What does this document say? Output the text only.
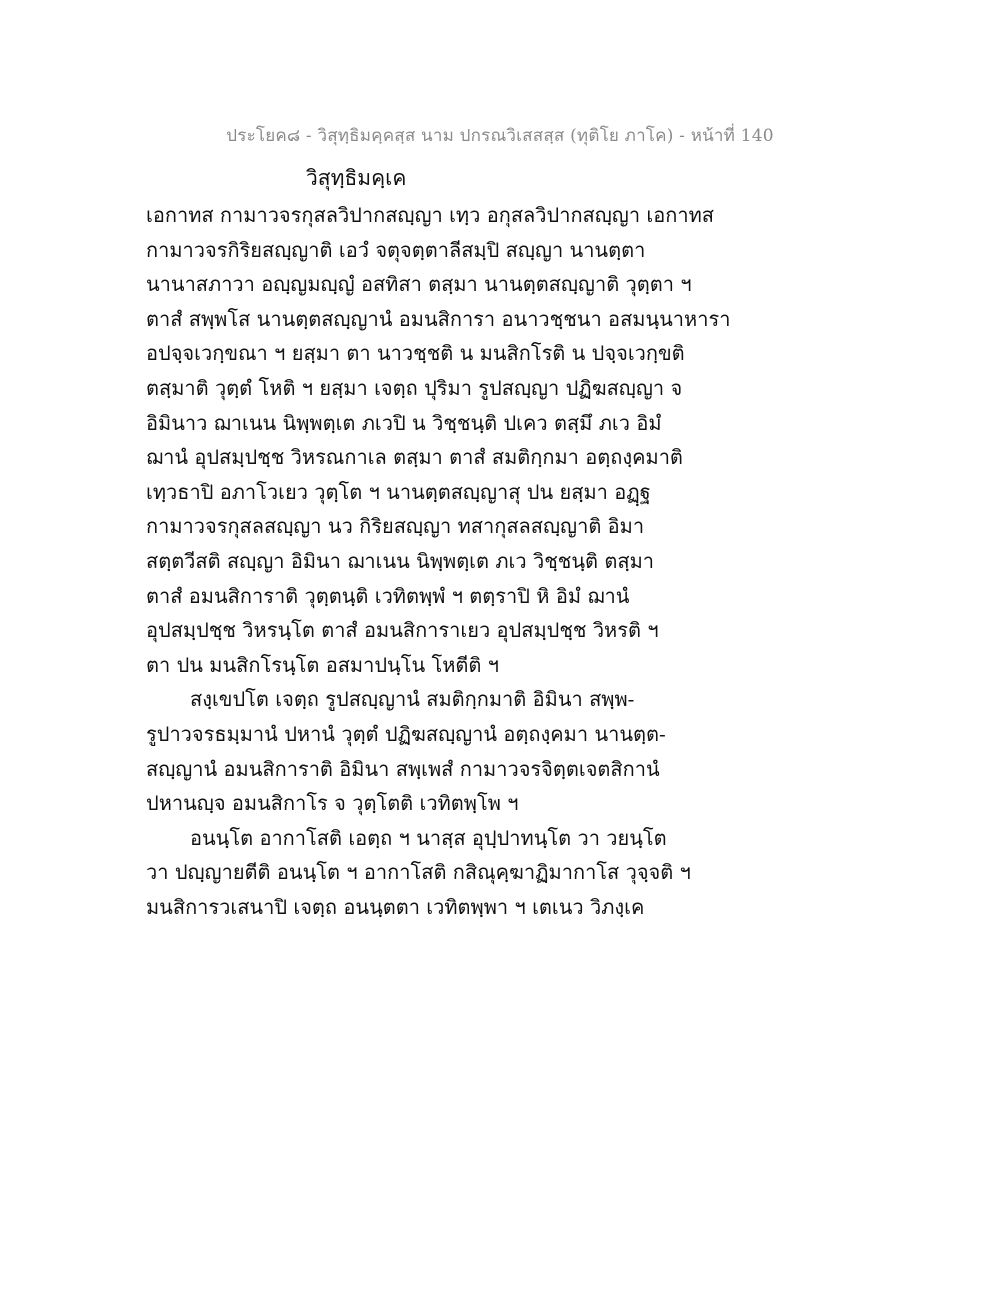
ประโยค๘ - วิสุทฺธิมคฺคสฺส นาม ปกรณวิเสสสฺส (ทุติโย ภาโค) - หน้าที่ 140
วิสุทฺธิมคฺเค
เอกาทส กามาวจรกุสลวิปากสญฺญา เทฺว อกุสลวิปากสญฺญา เอกาทส
กามาวจรกิริยสญฺญาติ เอวํ จตุจตฺตาลีสมฺปิ สญฺญา นานตฺตา
นานาสภาวา อญฺญมญฺญํ อสทิสา ตสฺมา นานตฺตสญฺญาติ วุตฺตา ฯ
ตาสํ สพฺพโส นานตฺตสญฺญานํ อมนสิการา อนาวชฺชนา อสมนฺนาหารา
อปจฺจเวกฺขณา ฯ ยสฺมา ตา นาวชฺชติ น มนสิกโรติ น ปจฺจเวกฺขติ
ตสฺมาติ วุตฺตํ โหติ ฯ ยสฺมา เจตฺถ ปุริมา รูปสญฺญา ปฏิฆสญฺญา จ
อิมินาว ฌาเนน นิพฺพตฺเต ภเวปิ น วิชฺชนฺติ ปเคว ตสฺมึ ภเว อิมํ
ฌานํ อุปสมฺปชฺช วิหรณกาเล ตสฺมา ตาสํ สมติกฺกมา อตฺถงฺคมาติ
เทฺวธาปิ อภาโวเยว วุตฺโต ฯ นานตฺตสญฺญาสุ ปน ยสฺมา อฏฺฐ
กามาวจรกุสลสญฺญา นว กิริยสญฺญา ทสากุสลสญฺญาติ อิมา
สตฺตวีสติ สญฺญา อิมินา ฌาเนน นิพฺพตฺเต ภเว วิชฺชนฺติ ตสฺมา
ตาสํ อมนสิการาติ วุตฺตนฺติ เวทิตพฺพํ ฯ ตตฺราปิ หิ อิมํ ฌานํ
อุปสมฺปชฺช วิหรนฺโต ตาสํ อมนสิการาเยว อุปสมฺปชฺช วิหรติ ฯ
ตา ปน มนสิกโรนฺโต อสมาปนฺโน โหตีติ ฯ
สงฺเขปโต เจตฺถ รูปสญฺญานํ สมติกฺกมาติ อิมินา สพฺพ-
รูปาวจรธมฺมานํ ปหานํ วุตฺตํ ปฏิฆสญฺญานํ อตฺถงฺคมา นานตฺต-
สญฺญานํ อมนสิการาติ อิมินา สพฺเพสํ กามาวจรจิตฺตเจตสิกานํ
ปหานญฺจ อมนสิกาโร จ วุตฺโตติ เวทิตพฺโพ ฯ
อนนฺโต อากาโสติ เอตฺถ ฯ นาสฺส อุปฺปาทนฺโต วา วยนฺโต
วา ปญฺญายตีติ อนนฺโต ฯ อากาโสติ กสิณุคฺฆาฏิมากาโส วุจฺจติ ฯ
มนสิการวเสนาปิ เจตฺถ อนนฺตตา เวทิตพฺพา ฯ เตเนว วิภงฺเค
